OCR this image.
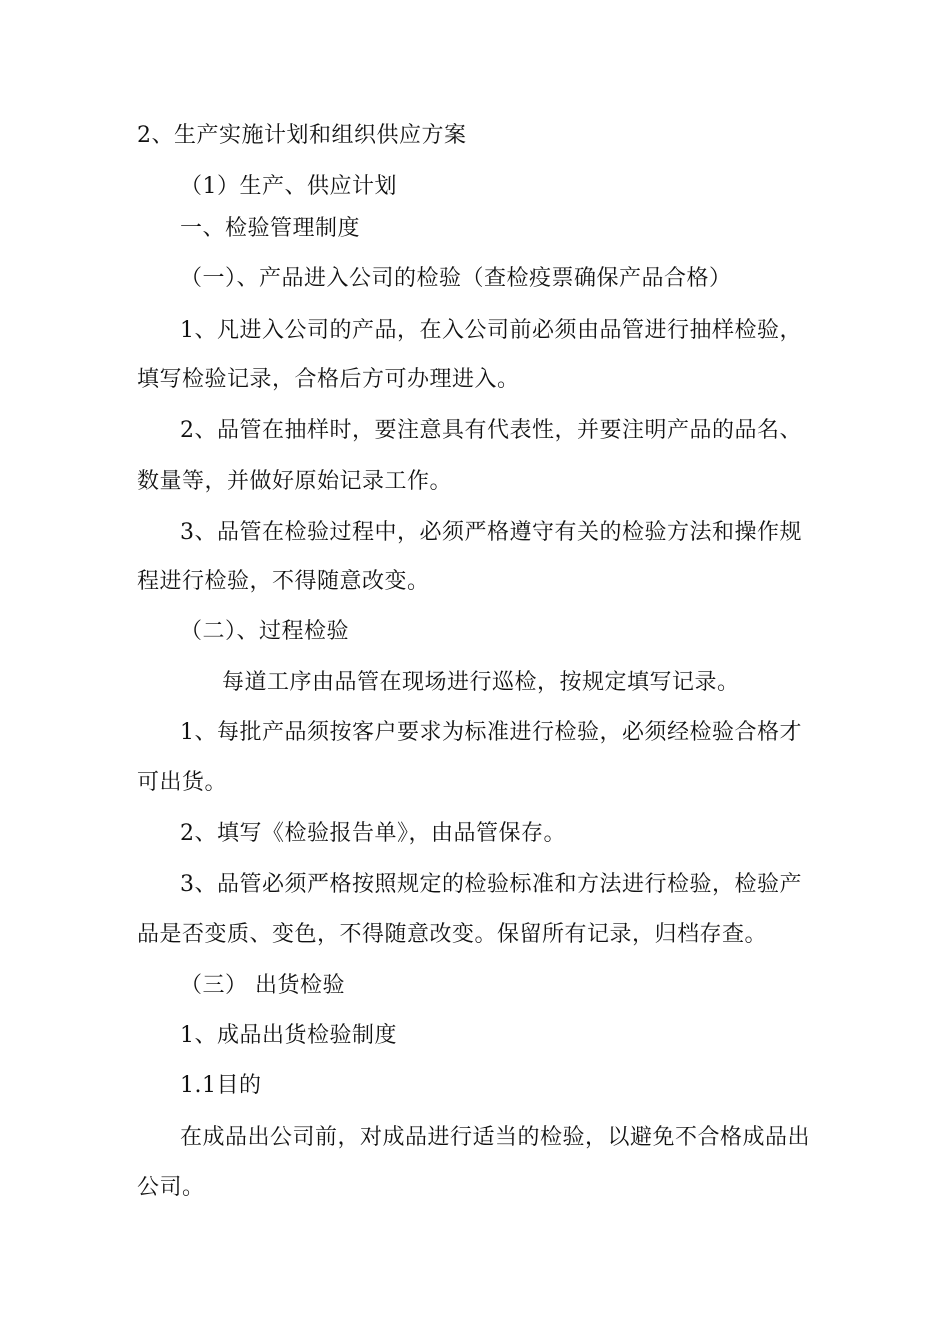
2、生产实施计划和组织供应方案
（1）生产、供应计划
一、检验管理制度
（一）、产品进入公司的检验（查检疫票确保产品合格）
1、凡进入公司的产品，在入公司前必须由品管进行抽样检验，
填写检验记录，合格后方可办理进入。
2、品管在抽样时，要注意具有代表性，并要注明产品的品名、
数量等，并做好原始记录工作。
3、品管在检验过程中，必须严格遵守有关的检验方法和操作规
程进行检验，不得随意改变。
（二）、过程检验
每道工序由品管在现场进行巡检，按规定填写记录。
1、每批产品须按客户要求为标准进行检验，必须经检验合格才
可出货。
2、填写《检验报告单》，由品管保存。
3、品管必须严格按照规定的检验标准和方法进行检验，检验产
品是否变质、变色，不得随意改变。保留所有记录，归档存查。
（三） 出货检验
1、成品出货检验制度
1.1目的
在成品出公司前，对成品进行适当的检验，以避免不合格成品出
公司。
